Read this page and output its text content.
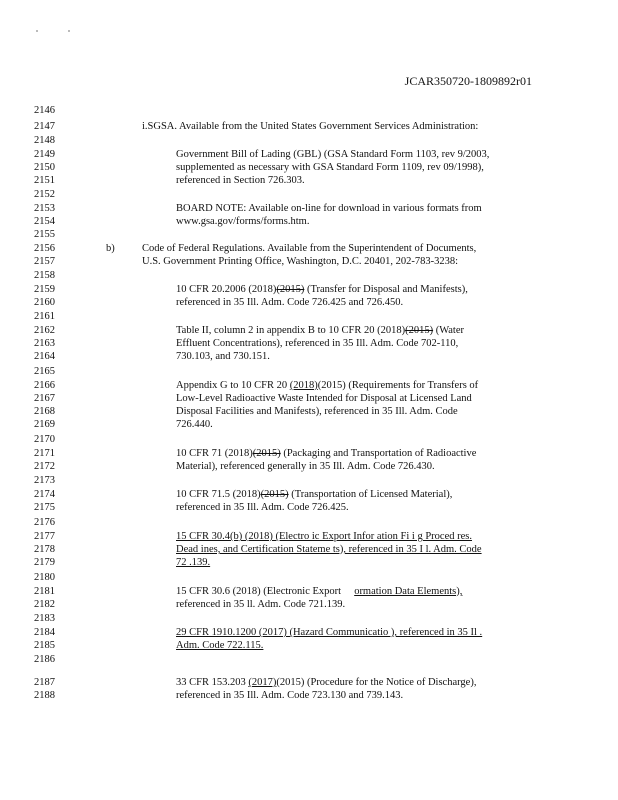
JCAR350720-1809892r01
2146
2147
2148
2149
2150
2151
2152
2153
2154
2155
2156
2157
2158
2159
2160
2161
2162
2163
2164
2165
2166
2167
2168
2169
2170
2171
2172
2173
2174
2175
2176
2177
2178
2179
2180
2181
2182
2183
2184
2185
2186
2187
2188
i.SGSA. Available from the United States Government Services Administration:
Government Bill of Lading (GBL) (GSA Standard Form 1103, rev 9/2003,
supplemented as necessary with GSA Standard Form 1109, rev 09/1998),
referenced in Section 726.303.
BOARD NOTE: Available on-line for download in various formats from
www.gsa.gov/forms/forms.htm.
b)	Code of Federal Regulations. Available from the Superintendent of Documents,
U.S. Government Printing Office, Washington, D.C. 20401, 202-783-3238:
10 CFR 20.2006 (2018)(2015) (Transfer for Disposal and Manifests),
referenced in 35 Ill. Adm. Code 726.425 and 726.450.
Table II, column 2 in appendix B to 10 CFR 20 (2018)(2015) (Water
Effluent Concentrations), referenced in 35 Ill. Adm. Code 702-110,
730.103, and 730.151.
Appendix G to 10 CFR 20 (2018)(2015) (Requirements for Transfers of
Low-Level Radioactive Waste Intended for Disposal at Licensed Land
Disposal Facilities and Manifests), referenced in 35 Ill. Adm. Code
726.440.
10 CFR 71 (2018)(2015) (Packaging and Transportation of Radioactive
Material), referenced generally in 35 Ill. Adm. Code 726.430.
10 CFR 71.5 (2018)(2015) (Transportation of Licensed Material),
referenced in 35 Ill. Adm. Code 726.425.
15 CFR 30.4(b) (2018) (Electro ic Export Infor ation Fi i g Proced res.
Dead ines, and Certification Stateme ts), referenced in 35 I l. Adm. Code
72 .139.
15 CFR 30.6 (2018) (Electronic Export     ormation Data Elements),
referenced in 35 ll. Adm. Code 721.139.
29 CFR 1910.1200 (2017) (Hazard Communicatio ), referenced in 35 Il .
Adm. Code 722.115.
33 CFR 153.203 (2017)(2015) (Procedure for the Notice of Discharge),
referenced in 35 Ill. Adm. Code 723.130 and 739.143.
